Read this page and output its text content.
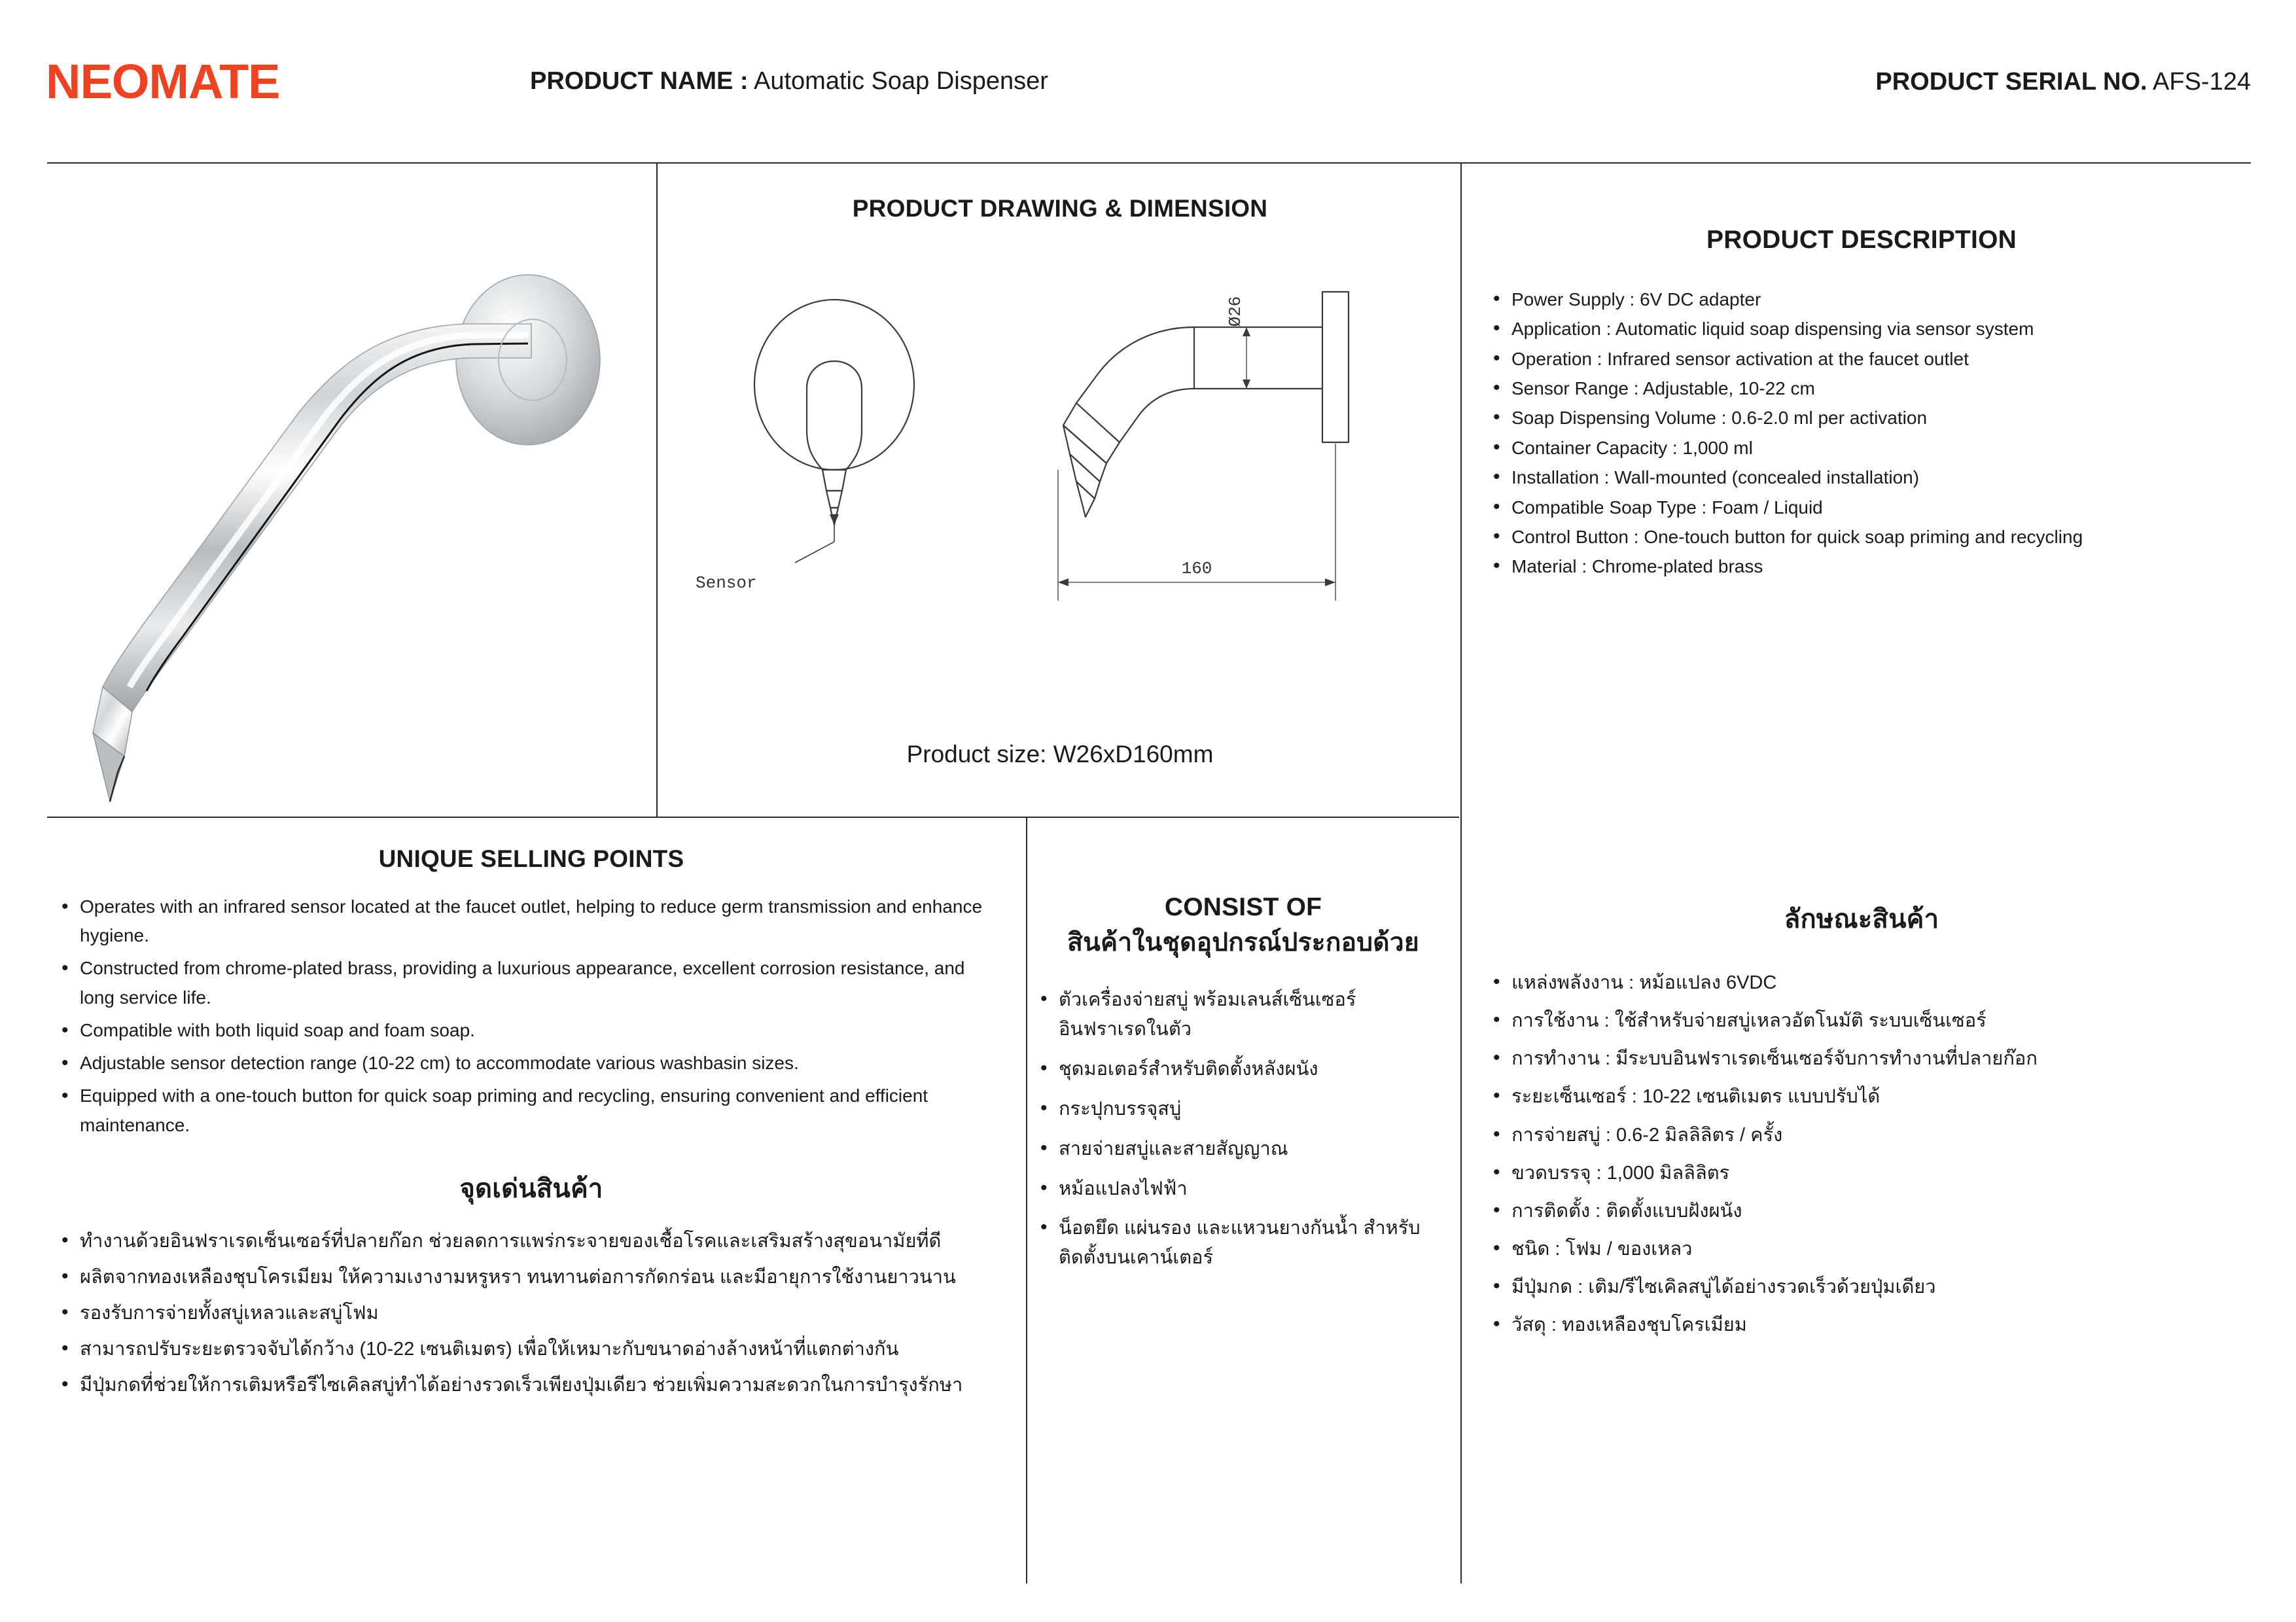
NEOMATE	PRODUCT NAME : Automatic Soap Dispenser	PRODUCT SERIAL NO. AFS-124
PRODUCT DRAWING & DIMENSION
Sensor
Ø26
160
Product size: W26xD160mm
PRODUCT DESCRIPTION
• Power Supply : 6V DC adapter
• Application : Automatic liquid soap dispensing via sensor system
• Operation : Infrared sensor activation at the faucet outlet
• Sensor Range : Adjustable, 10-22 cm
• Soap Dispensing Volume : 0.6-2.0 ml per activation
• Container Capacity : 1,000 ml
• Installation : Wall-mounted (concealed installation)
• Compatible Soap Type : Foam / Liquid
• Control Button : One-touch button for quick soap priming and recycling
• Material : Chrome-plated brass
UNIQUE SELLING POINTS
• Operates with an infrared sensor located at the faucet outlet, helping to reduce germ transmission and enhance hygiene.
• Constructed from chrome-plated brass, providing a luxurious appearance, excellent corrosion resistance, and long service life.
• Compatible with both liquid soap and foam soap.
• Adjustable sensor detection range (10-22 cm) to accommodate various washbasin sizes.
• Equipped with a one-touch button for quick soap priming and recycling, ensuring convenient and efficient maintenance.
จุดเด่นสินค้า
• ทำงานด้วยอินฟราเรดเซ็นเซอร์ที่ปลายก๊อก ช่วยลดการแพร่กระจายของเชื้อโรคและเสริมสร้างสุขอนามัยที่ดี
• ผลิตจากทองเหลืองชุบโครเมียม ให้ความเงางามหรูหรา ทนทานต่อการกัดกร่อน และมีอายุการใช้งานยาวนาน
• รองรับการจ่ายทั้งสบู่เหลวและสบู่โฟม
• สามารถปรับระยะตรวจจับได้กว้าง (10-22 เซนติเมตร) เพื่อให้เหมาะกับขนาดอ่างล้างหน้าที่แตกต่างกัน
• มีปุ่มกดที่ช่วยให้การเติมหรือรีไซเคิลสบู่ทำได้อย่างรวดเร็วเพียงปุ่มเดียว ช่วยเพิ่มความสะดวกในการบำรุงรักษา
CONSIST OF
สินค้าในชุดอุปกรณ์ประกอบด้วย
• ตัวเครื่องจ่ายสบู่ พร้อมเลนส์เซ็นเซอร์อินฟราเรดในตัว
• ชุดมอเตอร์สำหรับติดตั้งหลังผนัง
• กระปุกบรรจุสบู่
• สายจ่ายสบู่และสายสัญญาณ
• หม้อแปลงไฟฟ้า
• น็อตยึด แผ่นรอง และแหวนยางกันน้ำ สำหรับติดตั้งบนเคาน์เตอร์
ลักษณะสินค้า
• แหล่งพลังงาน : หม้อแปลง 6VDC
• การใช้งาน : ใช้สำหรับจ่ายสบู่เหลวอัตโนมัติ ระบบเซ็นเซอร์
• การทำงาน : มีระบบอินฟราเรดเซ็นเซอร์จับการทำงานที่ปลายก๊อก
• ระยะเซ็นเซอร์ : 10-22 เซนติเมตร แบบปรับได้
• การจ่ายสบู่ : 0.6-2 มิลลิลิตร / ครั้ง
• ขวดบรรจุ : 1,000 มิลลิลิตร
• การติดตั้ง : ติดตั้งแบบฝังผนัง
• ชนิด : โฟม / ของเหลว
• มีปุ่มกด : เติม/รีไซเคิลสบู่ได้อย่างรวดเร็วด้วยปุ่มเดียว
• วัสดุ : ทองเหลืองชุบโครเมียม
